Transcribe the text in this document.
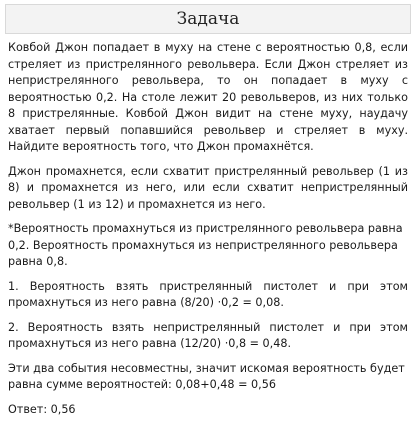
Задача

Ковбой Джон попадает в муху на стене с вероятностью 0,8, если стреляет из пристрелянного револьвера. Если Джон стреляет из непристрелянного револьвера, то он попадает в муху с вероятностью 0,2. На столе лежит 20 револьверов, из них только 8 пристрелянные. Ковбой Джон видит на стене муху, наудачу хватает первый попавшийся револьвер и стреляет в муху. Найдите вероятность того, что Джон промахнётся.

Джон промахнется, если схватит пристрелянный револьвер (1 из 8) и промахнется из него, или если схватит непристрелянный револьвер (1 из 12) и промахнется из него.

*Вероятность промахнуться из пристрелянного револьвера равна 0,2. Вероятность промахнуться из непристрелянного револьвера равна 0,8.

1. Вероятность взять пристрелянный пистолет и при этом промахнуться из него равна (8/20) ·0,2 = 0,08.

2. Вероятность взять непристрелянный пистолет и при этом промахнуться из него равна (12/20) ·0,8 = 0,48.

Эти два события несовместны, значит искомая вероятность будет равна сумме вероятностей: 0,08+0,48 = 0,56

Ответ: 0,56
